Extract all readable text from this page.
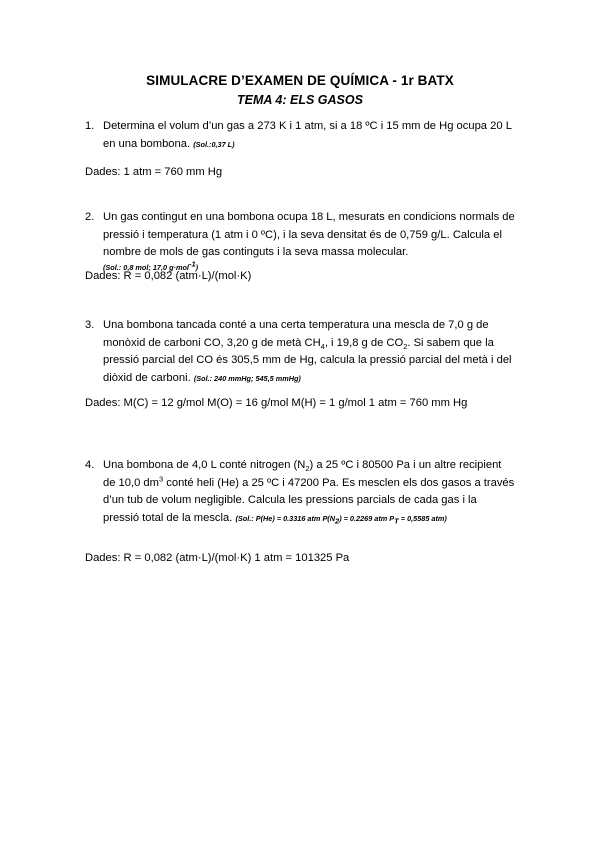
SIMULACRE D’EXAMEN DE QUÍMICA - 1r BATX
TEMA 4: ELS GASOS
1. Determina el volum d’un gas a 273 K i 1 atm, si a 18 ºC i 15 mm de Hg ocupa 20 L en una bombona. (Sol.:0,37 L)
Dades: 1 atm = 760 mm Hg
2. Un gas contingut en una bombona ocupa 18 L, mesurats en condicions normals de pressió i temperatura (1 atm i 0 ºC), i la seva densitat és de 0,759 g/L. Calcula el nombre de mols de gas continguts i la seva massa molecular.
(Sol.: 0,8 mol; 17,0 g·mol$^{-1}$)
Dades: R = 0,082 (atm·L)/(mol·K)
3. Una bombona tancada conté a una certa temperatura una mescla de 7,0 g de monòxid de carboni CO, 3,20 g de metà $CH_4$, i 19,8 g de $CO_2$. Si sabem que la pressió parcial del CO és 305,5 mm de Hg, calcula la pressió parcial del metà i del diòxid de carboni. (Sol.: 240 mmHg; 545,5 mmHg)
Dades: M(C) = 12 g/mol M(O) = 16 g/mol M(H) = 1 g/mol 1 atm = 760 mm Hg
4. Una bombona de 4,0 L conté nitrogen $(N_2)$ a 25 ºC i 80500 Pa i un altre recipient de 10,0 $dm^3$ conté heli (He) a 25 ºC i 47200 Pa. Es mesclen els dos gasos a través d’un tub de volum negligible. Calcula les pressions parcials de cada gas i la pressió total de la mescla. (Sol.: P(He) = 0.3316 atm $P(N_2) = 0.2269$ atm $P_T = 0,5585$ atm)
Dades: R = 0,082 (atm·L)/(mol·K) 1 atm = 101325 Pa
